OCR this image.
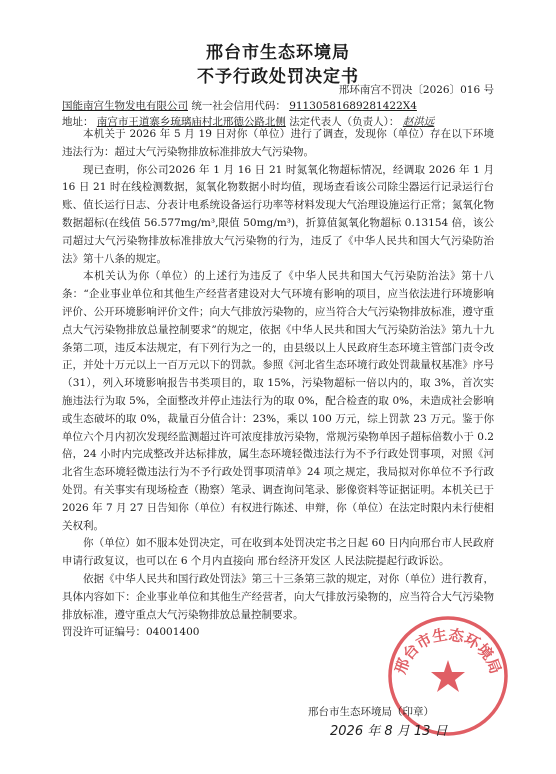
邢台市生态环境局
不予行政处罚决定书
邢环南宫不罚决〔2026〕016 号
国能南宫生物发电有限公司 统一社会信用代码： 91130581689281422X4
地址： 南宫市王道寨乡琉璃庙村北邢德公路北侧 法定代表人（负责人）： 赵洪远

本机关于 2026 年 5 月 19 日对你（单位）进行了调查，发现你（单位）存在以下环境违法行为：超过大气污染物排放标准排放大气污染物。

现已查明，你公司2026 年 1 月 16 日 21 时氮氧化物超标情况，经调取 2026 年 1 月 16 日 21 时在线检测数据，氮氧化物数据小时均值，现场查看该公司除尘器运行记录运行台账、值长运行日志、分表计电系统设备运行功率等材料发现大气治理设施运行正常；氮氧化物数据超标(在线值 56.577mg/m³,限值 50mg/m³)，折算值氮氧化物超标 0.13154 倍，该公司超过大气污染物排放标准排放大气污染物的行为，违反了《中华人民共和国大气污染防治法》第十八条的规定。

本机关认为你（单位）的上述行为违反了《中华人民共和国大气污染防治法》第十八条：“企业事业单位和其他生产经营者建设对大气环境有影响的项目，应当依法进行环境影响评价、公开环境影响评价文件；向大气排放污染物的，应当符合大气污染物排放标准，遵守重点大气污染物排放总量控制要求”的规定，依据《中华人民共和国大气污染防治法》第九十九条第二项，违反本法规定，有下列行为之一的，由县级以上人民政府生态环境主管部门责令改正，并处十万元以上一百万元以下的罚款。参照《河北省生态环境行政处罚裁量权基准》序号（31），列入环境影响报告书类项目的，取 15%，污染物超标一倍以内的，取 3%，首次实施违法行为取 5%，全面整改并停止违法行为的取 0%，配合检查的取 0%，未造成社会影响或生态破坏的取 0%，裁量百分值合计：23%，乘以 100 万元，综上罚款 23 万元。鉴于你单位六个月内初次发现经监测超过许可浓度排放污染物，常规污染物单因子超标倍数小于 0.2 倍，24 小时内完成整改并达标排放，属生态环境轻微违法行为不予行政处罚事项，对照《河北省生态环境轻微违法行为不予行政处罚事项清单》24 项之规定，我局拟对你单位不予行政处罚。有关事实有现场检查（勘察）笔录、调查询问笔录、影像资料等证据证明。本机关已于 2026 年 7 月 27 日告知你（单位）有权进行陈述、申辩，你（单位）在法定时限内未行使相关权利。

你（单位）如不服本处罚决定，可在收到本处罚决定书之日起 60 日内向邢台市人民政府申请行政复议，也可以在 6 个月内直接向 邢台经济开发区 人民法院提起行政诉讼。

依据《中华人民共和国行政处罚法》第三十三条第三款的规定，对你（单位）进行教育，具体内容如下：企业事业单位和其他生产经营者，向大气排放污染物的，应当符合大气污染物排放标准，遵守重点大气污染物排放总量控制要求。

罚没许可证编号：04001400

邢台市生态环境局
邢台市生态环境局（印章）
2026 年 8 月 13 日
